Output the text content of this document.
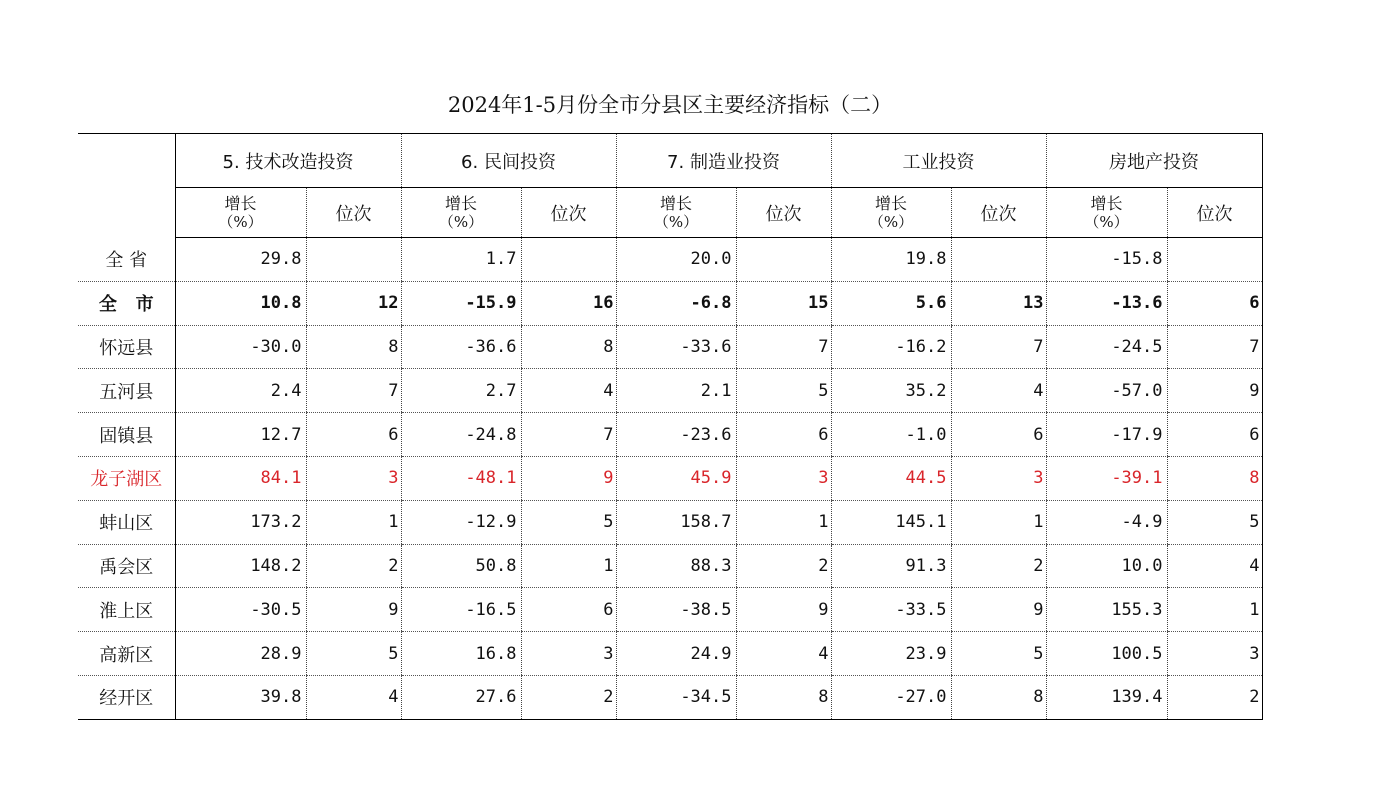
2024年1-5月份全市分县区主要经济指标（二）
	5. 技术改造投资		6. 民间投资		7. 制造业投资		工业投资		房地产投资	

	增长
（%）	位次	增长
（%）	位次	增长
（%）	位次	增长
（%）	位次	增长
（%）	位次
全 省	29.8		1.7		20.0		19.8		-15.8	
全   市	10.8	12	-15.9	16	-6.8	15	5.6	13	-13.6	6
怀远县	-30.0	8	-36.6	8	-33.6	7	-16.2	7	-24.5	7
五河县	2.4	7	2.7	4	2.1	5	35.2	4	-57.0	9
固镇县	12.7	6	-24.8	7	-23.6	6	-1.0	6	-17.9	6
龙子湖区	84.1	3	-48.1	9	45.9	3	44.5	3	-39.1	8
蚌山区	173.2	1	-12.9	5	158.7	1	145.1	1	-4.9	5
禹会区	148.2	2	50.8	1	88.3	2	91.3	2	10.0	4
淮上区	-30.5	9	-16.5	6	-38.5	9	-33.5	9	155.3	1
高新区	28.9	5	16.8	3	24.9	4	23.9	5	100.5	3
经开区	39.8	4	27.6	2	-34.5	8	-27.0	8	139.4	2
